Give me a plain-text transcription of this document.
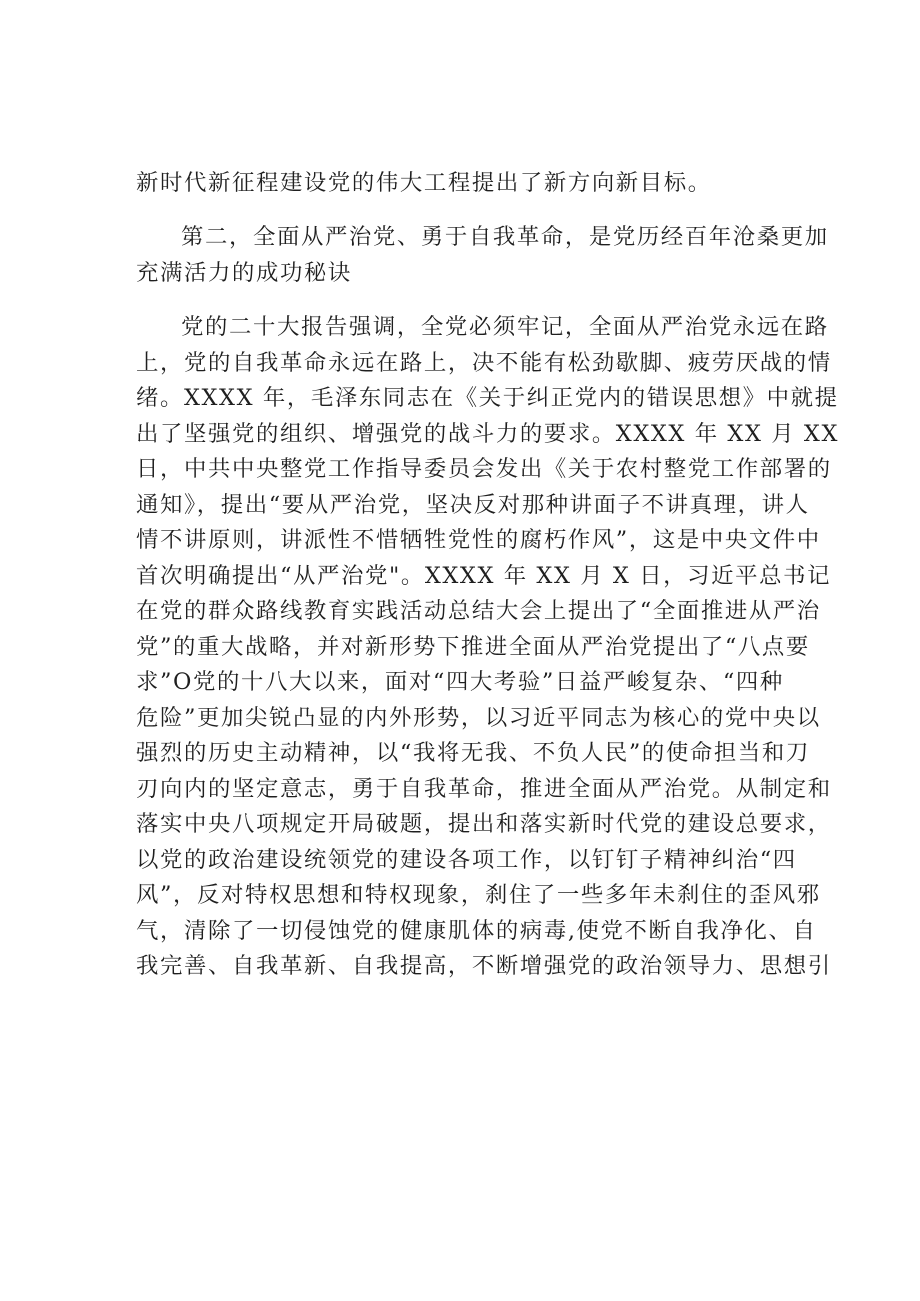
新时代新征程建设党的伟大工程提出了新方向新目标。
第二，全面从严治党、勇于自我革命，是党历经百年沧桑更加
充满活力的成功秘诀
党的二十大报告强调，全党必须牢记，全面从严治党永远在路
上，党的自我革命永远在路上，决不能有松劲歇脚、疲劳厌战的情
绪。XXXX 年，毛泽东同志在《关于纠正党内的错误思想》中就提
出了坚强党的组织、增强党的战斗力的要求。XXXX 年 XX 月 XX
日，中共中央整党工作指导委员会发出《关于农村整党工作部署的
通知》，提出“要从严治党，坚决反对那种讲面子不讲真理，讲人
情不讲原则，讲派性不惜牺牲党性的腐朽作风”，这是中央文件中
首次明确提出“从严治党"。XXXX 年 XX 月 X 日，习近平总书记
在党的群众路线教育实践活动总结大会上提出了“全面推进从严治
党”的重大战略，并对新形势下推进全面从严治党提出了“八点要
求”O党的十八大以来，面对“四大考验”日益严峻复杂、“四种
危险”更加尖锐凸显的内外形势，以习近平同志为核心的党中央以
强烈的历史主动精神，以“我将无我、不负人民”的使命担当和刀
刃向内的坚定意志，勇于自我革命，推进全面从严治党。从制定和
落实中央八项规定开局破题，提出和落实新时代党的建设总要求，
以党的政治建设统领党的建设各项工作，以钉钉子精神纠治“四
风”，反对特权思想和特权现象，刹住了一些多年未刹住的歪风邪
气，清除了一切侵蚀党的健康肌体的病毒,使党不断自我净化、自
我完善、自我革新、自我提高，不断增强党的政治领导力、思想引
